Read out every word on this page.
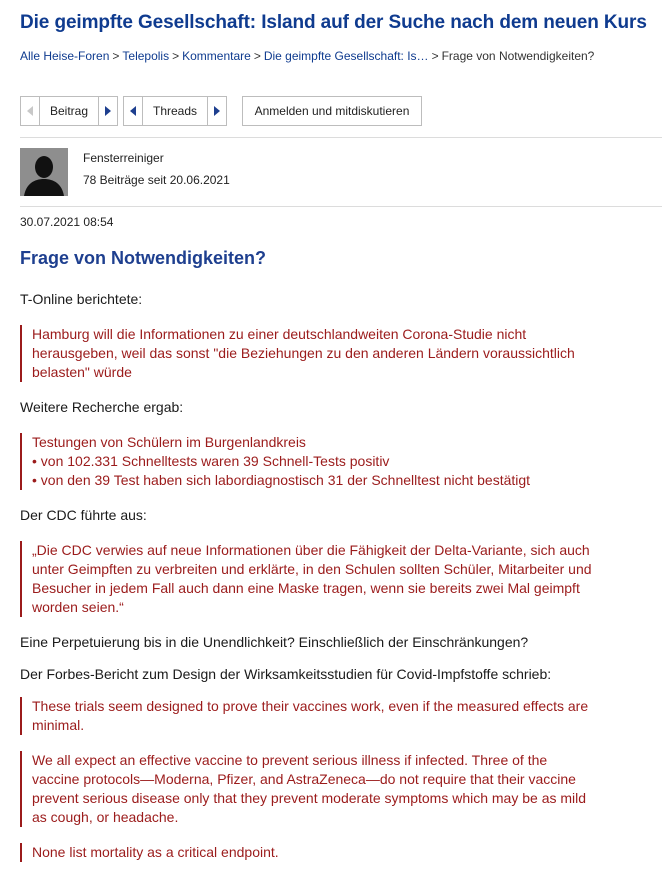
Die geimpfte Gesellschaft: Island auf der Suche nach dem neuen Kurs
Alle Heise-Foren > Telepolis > Kommentare > Die geimpfte Gesellschaft: Is… > Frage von Notwendigkeiten?
Beitrag	Threads	Anmelden und mitdiskutieren
Fensterreiniger
78 Beiträge seit 20.06.2021
30.07.2021 08:54
Frage von Notwendigkeiten?
T-Online berichtete:
Hamburg will die Informationen zu einer deutschlandweiten Corona-Studie nicht
herausgeben, weil das sonst "die Beziehungen zu den anderen Ländern voraussichtlich
belasten" würde
Weitere Recherche ergab:
Testungen von Schülern im Burgenlandkreis
• von 102.331 Schnelltests waren 39 Schnell-Tests positiv
• von den 39 Test haben sich labordiagnostisch 31 der Schnelltest nicht bestätigt
Der CDC führte aus:
„Die CDC verwies auf neue Informationen über die Fähigkeit der Delta-Variante, sich auch
unter Geimpften zu verbreiten und erklärte, in den Schulen sollten Schüler, Mitarbeiter und
Besucher in jedem Fall auch dann eine Maske tragen, wenn sie bereits zwei Mal geimpft
worden seien.“
Eine Perpetuierung bis in die Unendlichkeit? Einschließlich der Einschränkungen?
Der Forbes-Bericht zum Design der Wirksamkeitsstudien für Covid-Impfstoffe schrieb:
These trials seem designed to prove their vaccines work, even if the measured effects are
minimal.
We all expect an effective vaccine to prevent serious illness if infected. Three of the
vaccine protocols—Moderna, Pfizer, and AstraZeneca—do not require that their vaccine
prevent serious disease only that they prevent moderate symptoms which may be as mild
as cough, or headache.
None list mortality as a critical endpoint.
